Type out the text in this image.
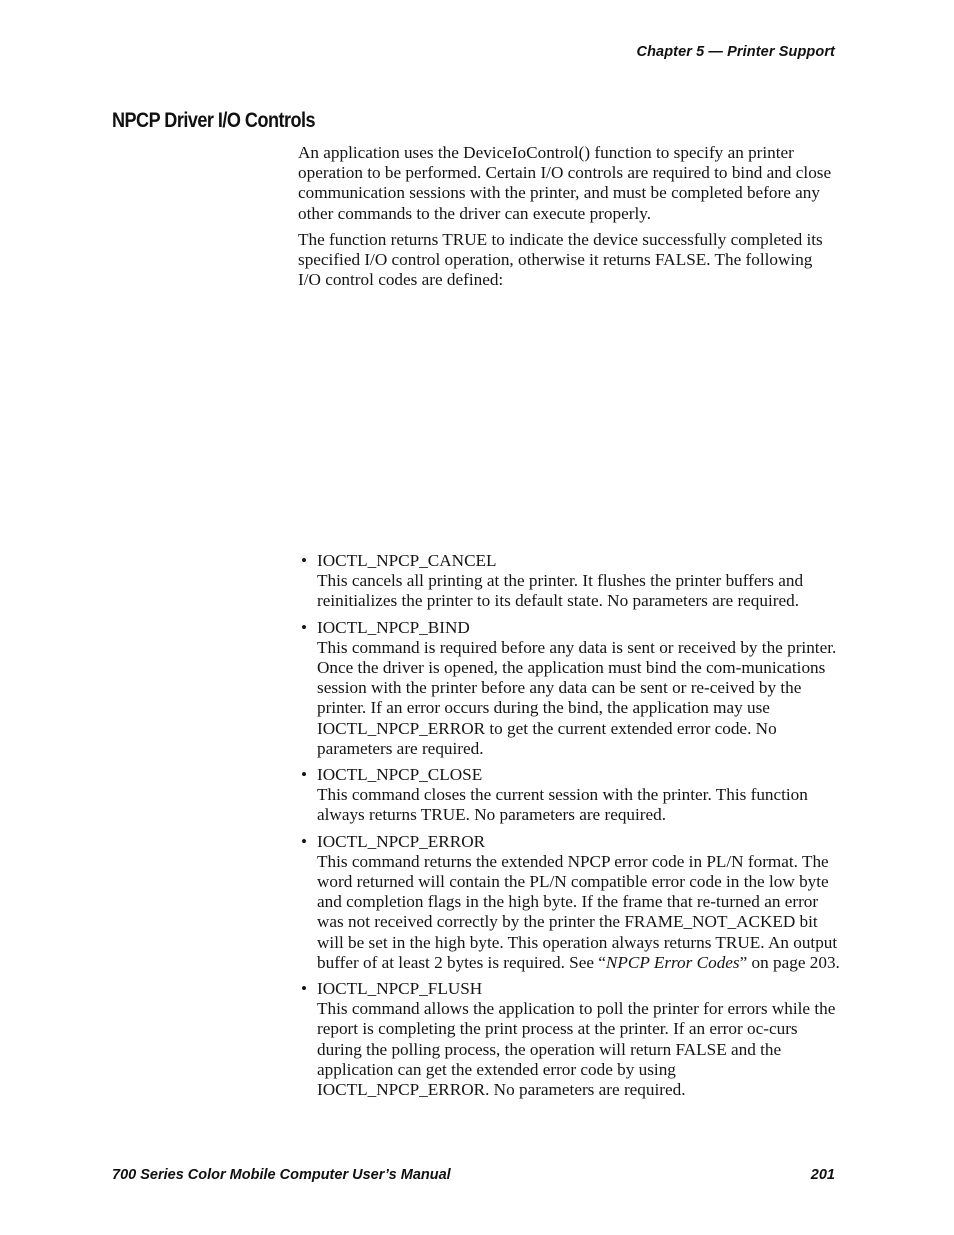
Chapter 5 — Printer Support
NPCP Driver I/O Controls

An application uses the DeviceIoControl() function to specify an printer operation to be performed. Certain I/O controls are required to bind and close communication sessions with the printer, and must be completed before any other commands to the driver can execute properly.

The function returns TRUE to indicate the device successfully completed its specified I/O control operation, otherwise it returns FALSE. The following I/O control codes are defined:

• IOCTL_NPCP_CANCEL
This cancels all printing at the printer. It flushes the printer buffers and reinitializes the printer to its default state. No parameters are required.
• IOCTL_NPCP_BIND
This command is required before any data is sent or received by the printer. Once the driver is opened, the application must bind the com-munications session with the printer before any data can be sent or re-ceived by the printer. If an error occurs during the bind, the application may use IOCTL_NPCP_ERROR to get the current extended error code. No parameters are required.
• IOCTL_NPCP_CLOSE
This command closes the current session with the printer. This function always returns TRUE. No parameters are required.
• IOCTL_NPCP_ERROR
This command returns the extended NPCP error code in PL/N format. The word returned will contain the PL/N compatible error code in the low byte and completion flags in the high byte. If the frame that re-turned an error was not received correctly by the printer the FRAME_NOT_ACKED bit will be set in the high byte. This operation always returns TRUE. An output buffer of at least 2 bytes is required. See “NPCP Error Codes” on page 203.
• IOCTL_NPCP_FLUSH
This command allows the application to poll the printer for errors while the report is completing the print process at the printer. If an error oc-curs during the polling process, the operation will return FALSE and the application can get the extended error code by using IOCTL_NPCP_ERROR. No parameters are required.
700 Series Color Mobile Computer User’s Manual	201
